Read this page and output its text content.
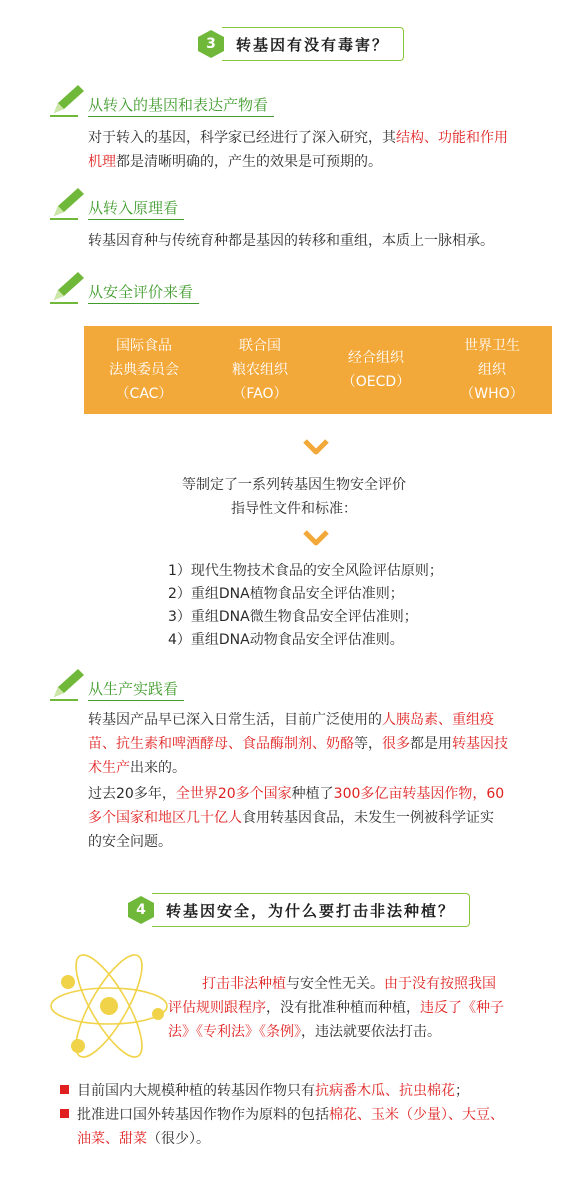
3	转基因有没有毒害？
从转入的基因和表达产物看
对于转入的基因，科学家已经进行了深入研究，其结构、功能和作用
机理都是清晰明确的，产生的效果是可预期的。
从转入原理看
转基因育种与传统育种都是基因的转移和重组，本质上一脉相承。
从安全评价来看
国际食品
法典委员会
（CAC）
联合国
粮农组织
（FAO）
经合组织
（OECD）
世界卫生
组织
（WHO）
等制定了一系列转基因生物安全评价
指导性文件和标准：
1）现代生物技术食品的安全风险评估原则；
2）重组DNA植物食品安全评估准则；
3）重组DNA微生物食品安全评估准则；
4）重组DNA动物食品安全评估准则。
从生产实践看
转基因产品早已深入日常生活，目前广泛使用的人胰岛素、重组疫
苗、抗生素和啤酒酵母、食品酶制剂、奶酪等，很多都是用转基因技
术生产出来的。
过去20多年，全世界20多个国家种植了300多亿亩转基因作物，60
多个国家和地区几十亿人食用转基因食品，未发生一例被科学证实
的安全问题。
4	转基因安全，为什么要打击非法种植？
打击非法种植与安全性无关。由于没有按照我国
评估规则跟程序，没有批准种植而种植，违反了《种子
法》《专利法》《条例》，违法就要依法打击。
目前国内大规模种植的转基因作物只有抗病番木瓜、抗虫棉花；
批准进口国外转基因作物作为原料的包括棉花、玉米（少量）、大豆、
油菜、甜菜（很少）。
